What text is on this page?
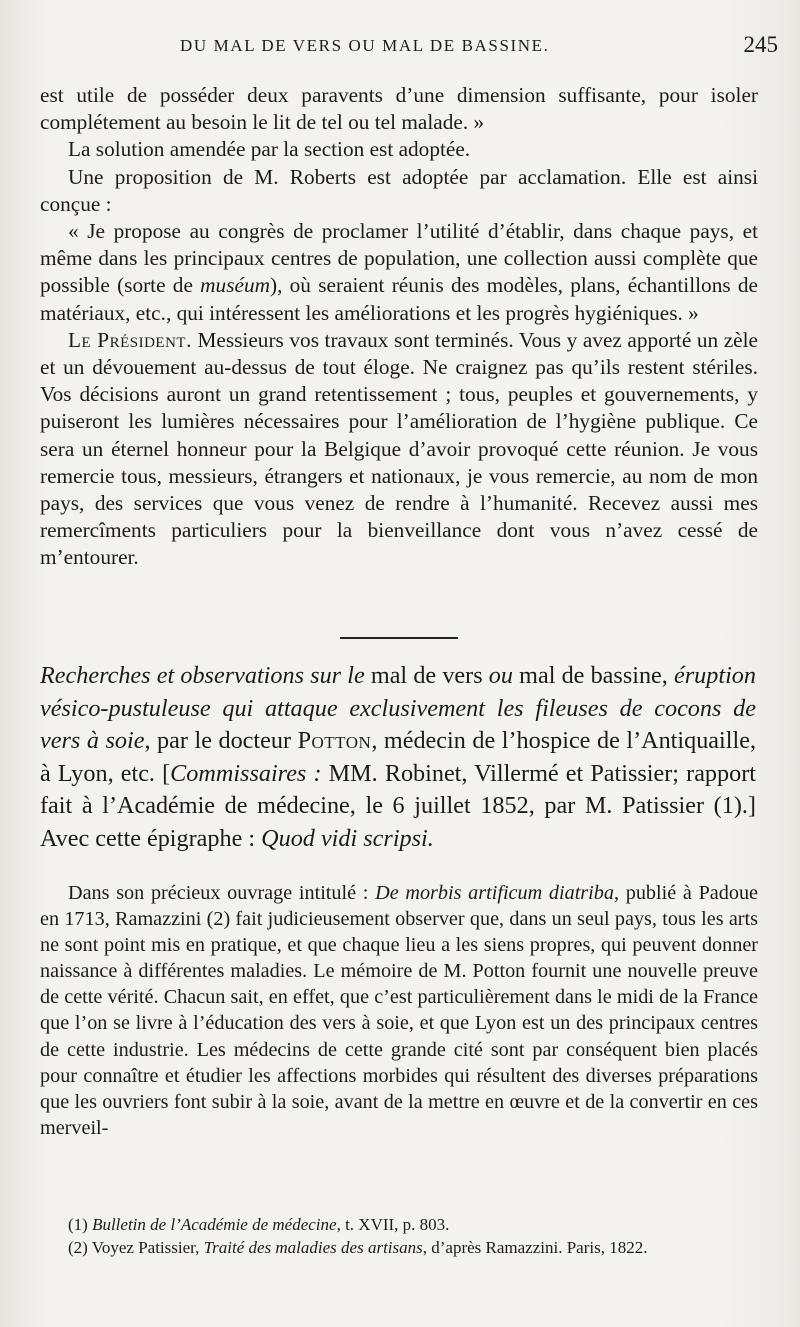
DU MAL DE VERS OU MAL DE BASSINE.	245

est utile de posséder deux paravents d’une dimension suffisante, pour isoler complétement au besoin le lit de tel ou tel malade. »

La solution amendée par la section est adoptée.

Une proposition de M. Roberts est adoptée par acclamation. Elle est ainsi conçue :

« Je propose au congrès de proclamer l’utilité d’établir, dans chaque pays, et même dans les principaux centres de population, une collection aussi complète que possible (sorte de muséum), où seraient réunis des modèles, plans, échantillons de matériaux, etc., qui intéressent les améliorations et les progrès hygiéniques. »

Le Président. Messieurs vos travaux sont terminés. Vous y avez apporté un zèle et un dévouement au-dessus de tout éloge. Ne craignez pas qu’ils restent stériles. Vos décisions auront un grand retentissement ; tous, peuples et gouvernements, y puiseront les lumières nécessaires pour l’amélioration de l’hygiène publique. Ce sera un éternel honneur pour la Belgique d’avoir provoqué cette réunion. Je vous remercie tous, messieurs, étrangers et nationaux, je vous remercie, au nom de mon pays, des services que vous venez de rendre à l’humanité. Recevez aussi mes remercîments particuliers pour la bienveillance dont vous n’avez cessé de m’entourer.

Recherches et observations sur le mal de vers ou mal de bassine, éruption vésico-pustuleuse qui attaque exclusivement les fileuses de cocons de vers à soie, par le docteur Potton, médecin de l’hospice de l’Antiquaille, à Lyon, etc. [Commissaires : MM. Robinet, Villermé et Patissier; rapport fait à l’Académie de médecine, le 6 juillet 1852, par M. Patissier (1).] Avec cette épigraphe : Quod vidi scripsi.

Dans son précieux ouvrage intitulé : De morbis artificum diatriba, publié à Padoue en 1713, Ramazzini (2) fait judicieusement observer que, dans un seul pays, tous les arts ne sont point mis en pratique, et que chaque lieu a les siens propres, qui peuvent donner naissance à différentes maladies. Le mémoire de M. Potton fournit une nouvelle preuve de cette vérité. Chacun sait, en effet, que c’est particulièrement dans le midi de la France que l’on se livre à l’éducation des vers à soie, et que Lyon est un des principaux centres de cette industrie. Les médecins de cette grande cité sont par conséquent bien placés pour connaître et étudier les affections morbides qui résultent des diverses préparations que les ouvriers font subir à la soie, avant de la mettre en œuvre et de la convertir en ces merveil-

(1) Bulletin de l’Académie de médecine, t. XVII, p. 803.

(2) Voyez Patissier, Traité des maladies des artisans, d’après Ramazzini. Paris, 1822.
